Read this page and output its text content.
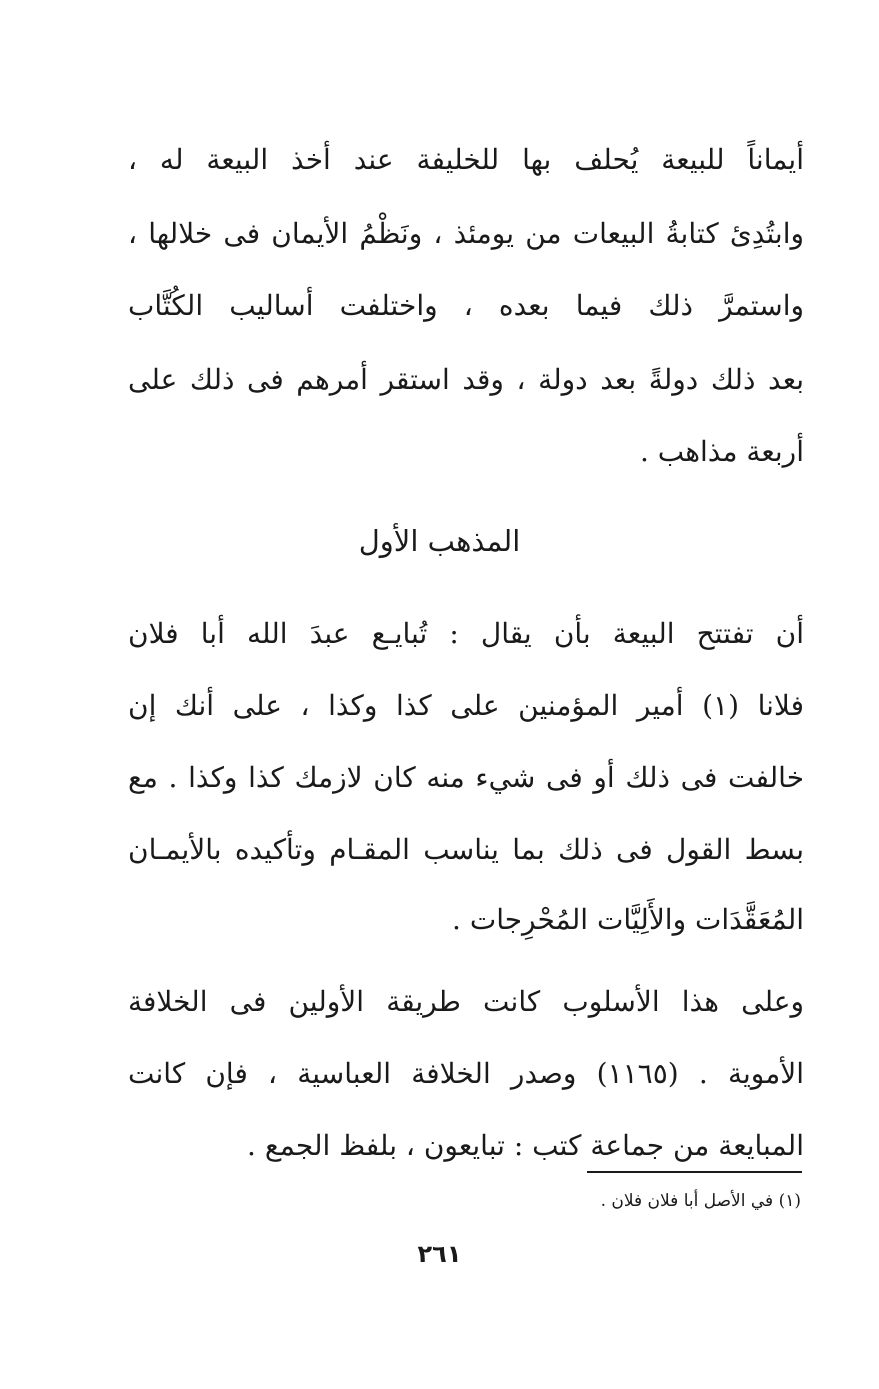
أيماناً للبيعة يُحلف بها للخليفة عند أخذ البيعة له ،
وابتُدِئ كتابةُ البيعات من يومئذ ، ونَظْمُ الأيمان فى خلالها ،
واستمرَّ ذلك فيما بعده ، واختلفت أساليب الكُتَّاب
بعد ذلك دولةً بعد دولة ، وقد استقر أمرهم فى ذلك على
أربعة مذاهب .
المذهب الأول
أن تفتتح البيعة بأن يقال : تُبايـع عبدَ الله أبا فلان
فلانا (١) أمير المؤمنين على كذا وكذا ، على أنك إن
خالفت فى ذلك أو فى شيء منه كان لازمك كذا وكذا . مع
بسط القول فى ذلك بما يناسب المقـام وتأكيده بالأيمـان
المُعَقَّدَات والأَلِيَّات المُحْرِجات .
وعلى هذا الأسلوب كانت طريقة الأولين فى الخلافة
الأموية . (١١٦٥) وصدر الخلافة العباسية ، فإن كانت
المبايعة من جماعة كتب : تبايعون ، بلفظ الجمع .
(١) في الأصل أبا فلان فلان .
٢٦١
